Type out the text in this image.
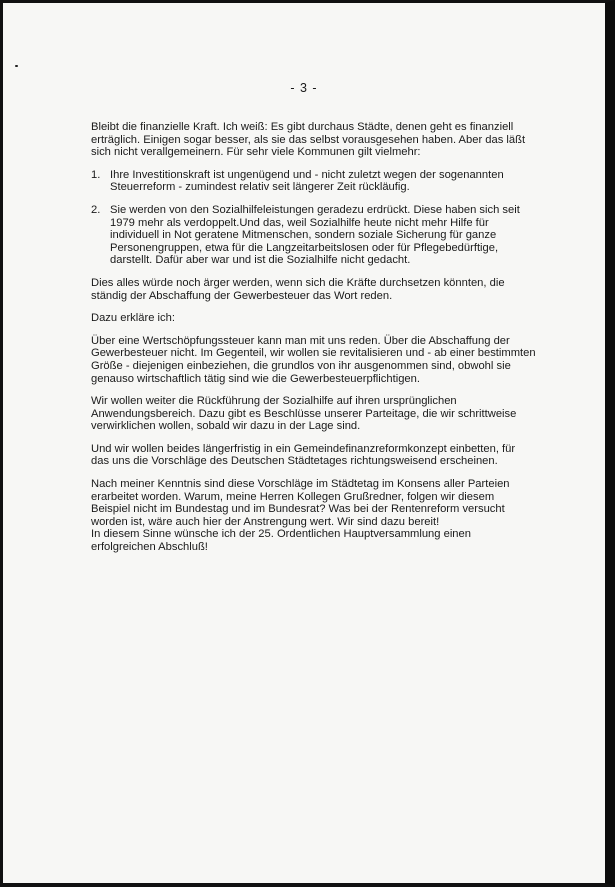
- 3 -

Bleibt die finanzielle Kraft. Ich weiß: Es gibt durchaus Städte, denen geht es finanziell erträglich. Einigen sogar besser, als sie das selbst vorausgesehen haben. Aber das läßt sich nicht verallgemeinern. Für sehr viele Kommunen gilt vielmehr:

1. Ihre Investitionskraft ist ungenügend und - nicht zuletzt wegen der sogenannten Steuerreform - zumindest relativ seit längerer Zeit rückläufig.
2. Sie werden von den Sozialhilfeleistungen geradezu erdrückt. Diese haben sich seit 1979 mehr als verdoppelt.Und das, weil Sozialhilfe heute nicht mehr Hilfe für individuell in Not geratene Mitmenschen, sondern soziale Sicherung für ganze Personengruppen, etwa für die Langzeitarbeitslosen oder für Pflegebedürftige, darstellt. Dafür aber war und ist die Sozialhilfe nicht gedacht.

Dies alles würde noch ärger werden, wenn sich die Kräfte durchsetzen könnten, die ständig der Abschaffung der Gewerbesteuer das Wort reden.

Dazu erkläre ich:

Über eine Wertschöpfungssteuer kann man mit uns reden. Über die Abschaffung der Gewerbesteuer nicht. Im Gegenteil, wir wollen sie revitalisieren und - ab einer bestimmten Größe - diejenigen einbeziehen, die grundlos von ihr ausgenommen sind, obwohl sie genauso wirtschaftlich tätig sind wie die Gewerbesteuerpflichtigen.

Wir wollen weiter die Rückführung der Sozialhilfe auf ihren ursprünglichen Anwendungsbereich. Dazu gibt es Beschlüsse unserer Parteitage, die wir schrittweise verwirklichen wollen, sobald wir dazu in der Lage sind.

Und wir wollen beides längerfristig in ein Gemeindefinanzreformkonzept einbetten, für das uns die Vorschläge des Deutschen Städtetages richtungsweisend erscheinen.

Nach meiner Kenntnis sind diese Vorschläge im Städtetag im Konsens aller Parteien erarbeitet worden. Warum, meine Herren Kollegen Grußredner, folgen wir diesem Beispiel nicht im Bundestag und im Bundesrat? Was bei der Rentenreform versucht worden ist, wäre auch hier der Anstrengung wert. Wir sind dazu bereit!

In diesem Sinne wünsche ich der 25. Ordentlichen Hauptversammlung einen erfolgreichen Abschluß!
